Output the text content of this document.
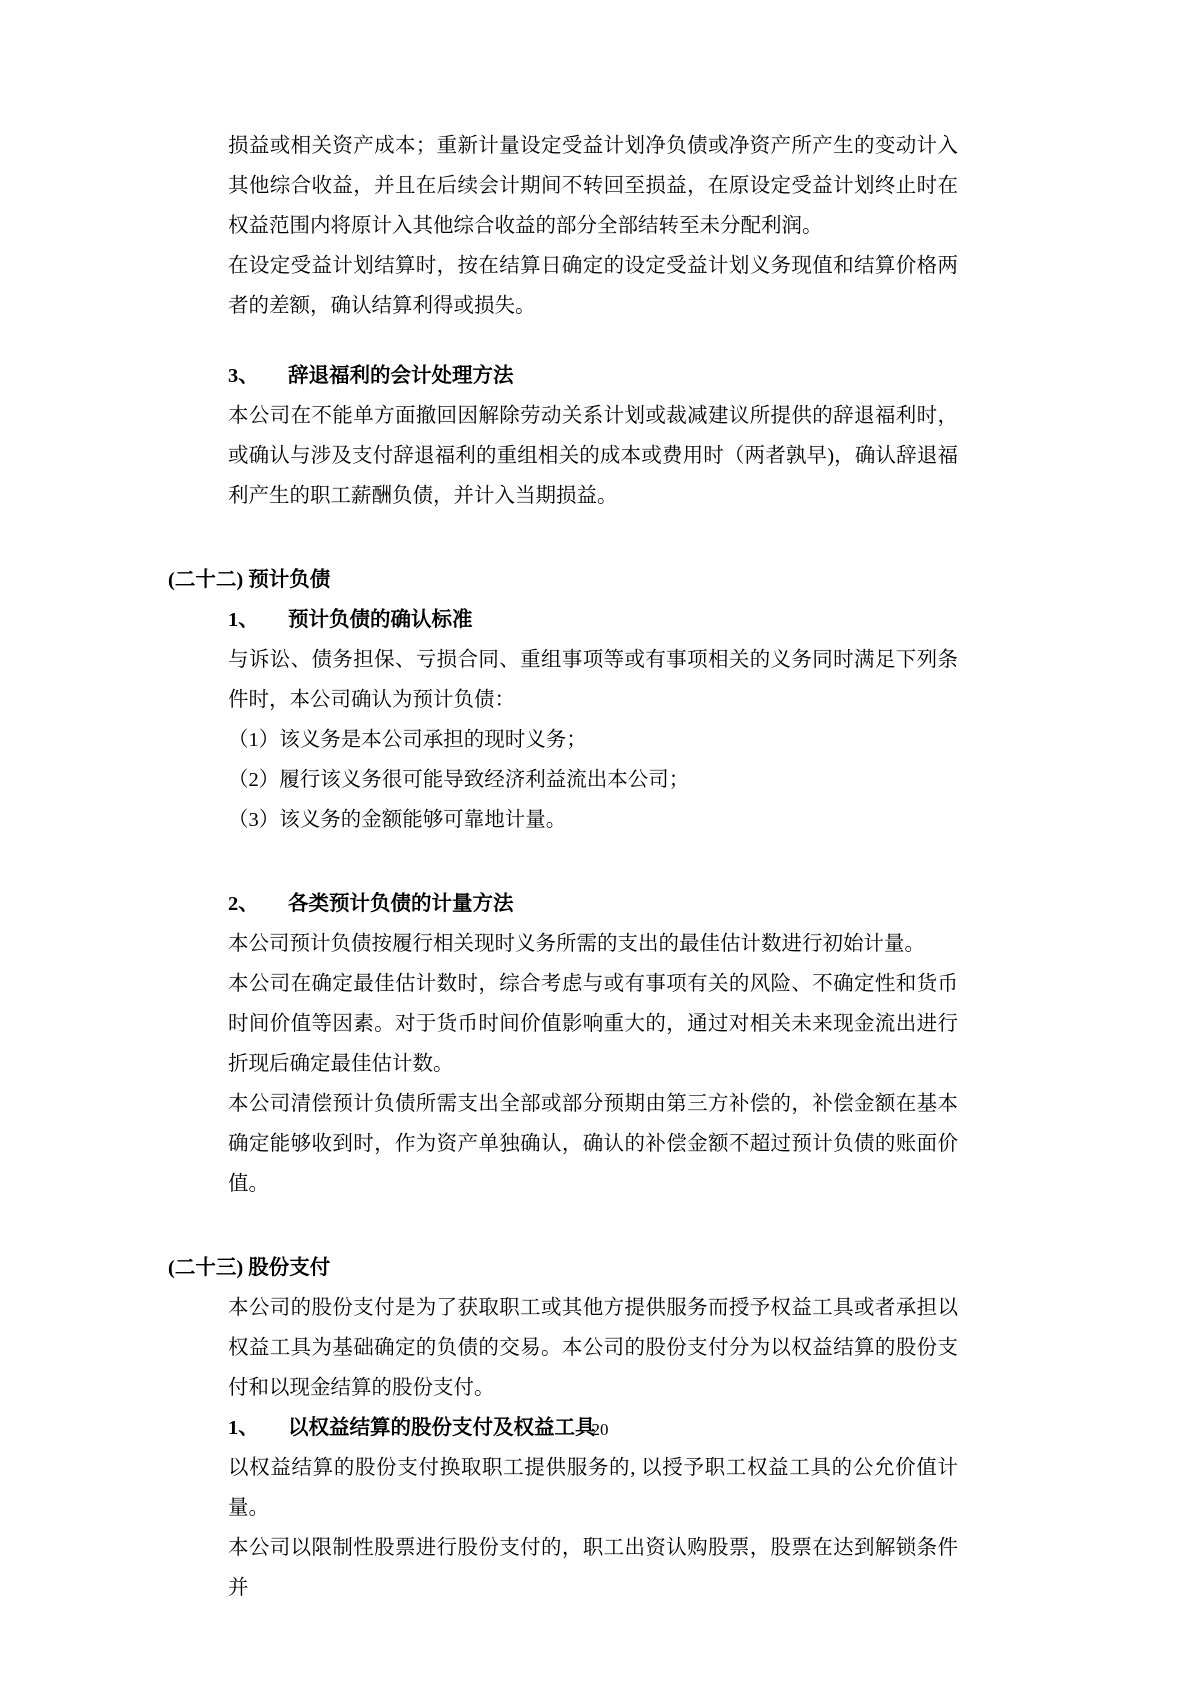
损益或相关资产成本；重新计量设定受益计划净负债或净资产所产生的变动计入其他综合收益，并且在后续会计期间不转回至损益，在原设定受益计划终止时在权益范围内将原计入其他综合收益的部分全部结转至未分配利润。

在设定受益计划结算时，按在结算日确定的设定受益计划义务现值和结算价格两者的差额，确认结算利得或损失。

3、 辞退福利的会计处理方法

本公司在不能单方面撤回因解除劳动关系计划或裁减建议所提供的辞退福利时，或确认与涉及支付辞退福利的重组相关的成本或费用时（两者孰早)，确认辞退福利产生的职工薪酬负债，并计入当期损益。

(二十二) 预计负债

1、 预计负债的确认标准

与诉讼、债务担保、亏损合同、重组事项等或有事项相关的义务同时满足下列条件时，本公司确认为预计负债：

（1）该义务是本公司承担的现时义务；

（2）履行该义务很可能导致经济利益流出本公司；

（3）该义务的金额能够可靠地计量。

2、 各类预计负债的计量方法

本公司预计负债按履行相关现时义务所需的支出的最佳估计数进行初始计量。

本公司在确定最佳估计数时，综合考虑与或有事项有关的风险、不确定性和货币时间价值等因素。对于货币时间价值影响重大的，通过对相关未来现金流出进行折现后确定最佳估计数。

本公司清偿预计负债所需支出全部或部分预期由第三方补偿的，补偿金额在基本确定能够收到时，作为资产单独确认，确认的补偿金额不超过预计负债的账面价值。

(二十三) 股份支付

本公司的股份支付是为了获取职工或其他方提供服务而授予权益工具或者承担以权益工具为基础确定的负债的交易。本公司的股份支付分为以权益结算的股份支付和以现金结算的股份支付。

1、 以权益结算的股份支付及权益工具

以权益结算的股份支付换取职工提供服务的, 以授予职工权益工具的公允价值计量。

本公司以限制性股票进行股份支付的，职工出资认购股票，股票在达到解锁条件并

20
